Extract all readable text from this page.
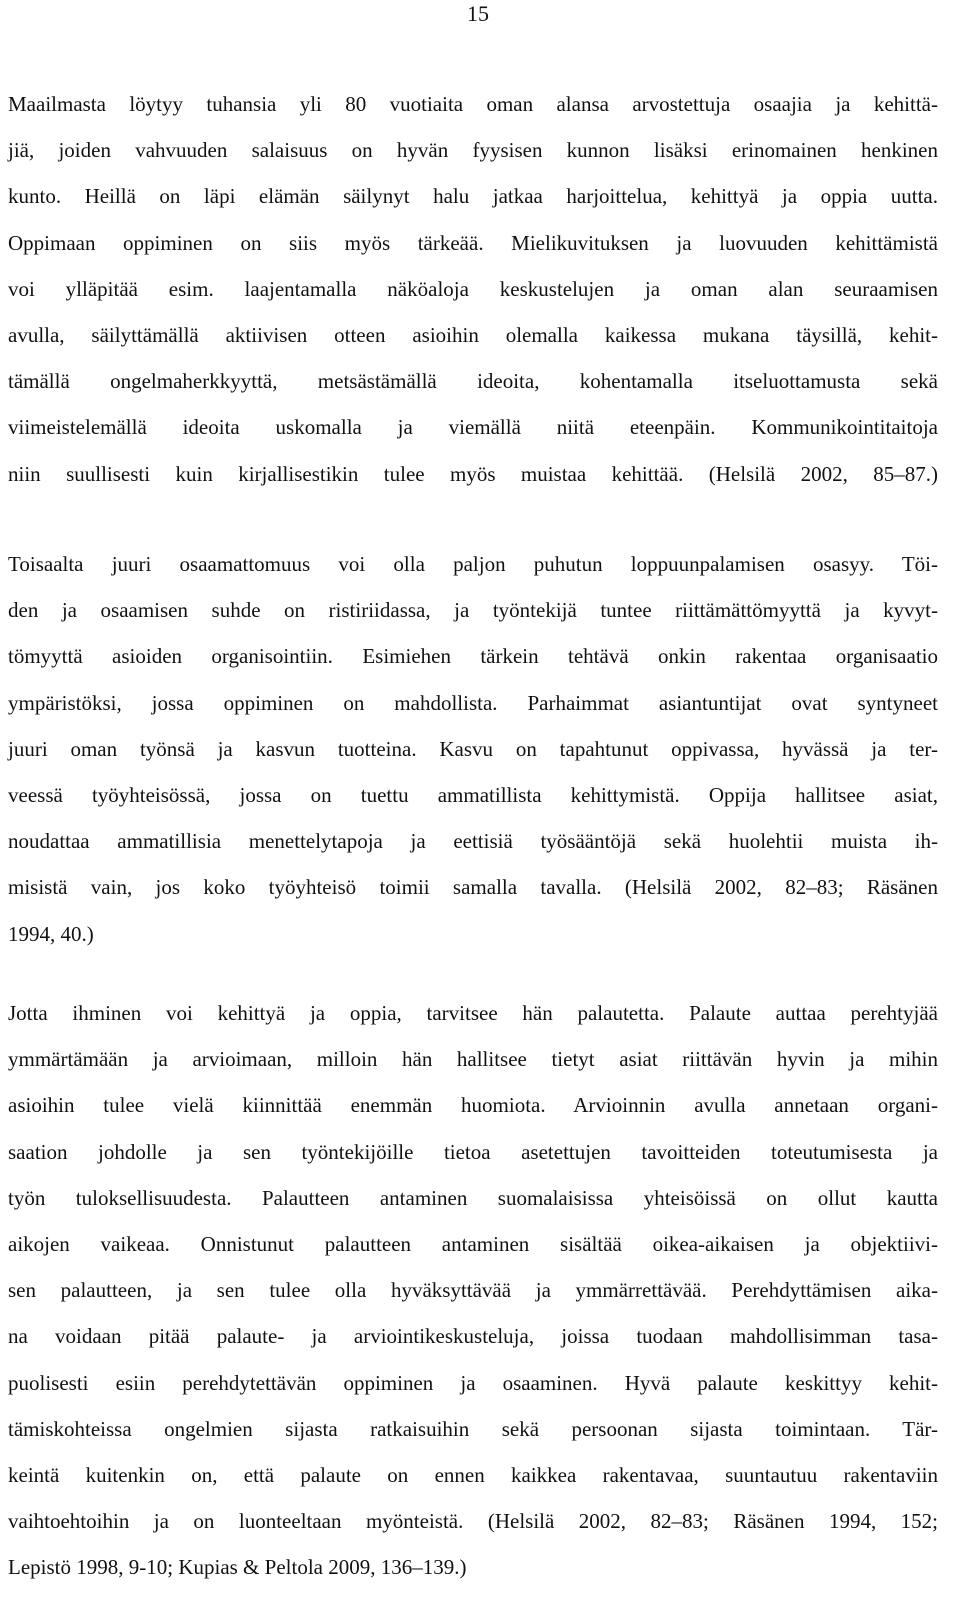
15
Maailmasta löytyy tuhansia yli 80 vuotiaita oman alansa arvostettuja osaajia ja kehittä-
jiä, joiden vahvuuden salaisuus on hyvän fyysisen kunnon lisäksi erinomainen henkinen
kunto. Heillä on läpi elämän säilynyt halu jatkaa harjoittelua, kehittyä ja oppia uutta.
Oppimaan oppiminen on siis myös tärkeää. Mielikuvituksen ja luovuuden kehittämistä
voi ylläpitää esim. laajentamalla näköaloja keskustelujen ja oman alan seuraamisen
avulla, säilyttämällä aktiivisen otteen asioihin olemalla kaikessa mukana täysillä, kehit-
tämällä ongelmaherkkyyttä, metsästämällä ideoita, kohentamalla itseluottamusta sekä
viimeistelemällä ideoita uskomalla ja viemällä niitä eteenpäin. Kommunikointitaitoja
niin suullisesti kuin kirjallisestikin tulee myös muistaa kehittää. (Helsilä 2002, 85–87.)
Toisaalta juuri osaamattomuus voi olla paljon puhutun loppuunpalamisen osasyy. Töi-
den ja osaamisen suhde on ristiriidassa, ja työntekijä tuntee riittämättömyyttä ja kyvyt-
tömyyttä asioiden organisointiin. Esimiehen tärkein tehtävä onkin rakentaa organisaatio
ympäristöksi, jossa oppiminen on mahdollista. Parhaimmat asiantuntijat ovat syntyneet
juuri oman työnsä ja kasvun tuotteina. Kasvu on tapahtunut oppivassa, hyvässä ja ter-
veessä työyhteisössä, jossa on tuettu ammatillista kehittymistä. Oppija hallitsee asiat,
noudattaa ammatillisia menettelytapoja ja eettisiä työsääntöjä sekä huolehtii muista ih-
misistä vain, jos koko työyhteisö toimii samalla tavalla. (Helsilä 2002, 82–83; Räsänen
1994, 40.)
Jotta ihminen voi kehittyä ja oppia, tarvitsee hän palautetta. Palaute auttaa perehtyjää
ymmärtämään ja arvioimaan, milloin hän hallitsee tietyt asiat riittävän hyvin ja mihin
asioihin tulee vielä kiinnittää enemmän huomiota. Arvioinnin avulla annetaan organi-
saation johdolle ja sen työntekijöille tietoa asetettujen tavoitteiden toteutumisesta ja
työn tuloksellisuudesta. Palautteen antaminen suomalaisissa yhteisöissä on ollut kautta
aikojen vaikeaa. Onnistunut palautteen antaminen sisältää oikea-aikaisen ja objektiivi-
sen palautteen, ja sen tulee olla hyväksyttävää ja ymmärrettävää. Perehdyttämisen aika-
na voidaan pitää palaute- ja arviointikeskusteluja, joissa tuodaan mahdollisimman tasa-
puolisesti esiin perehdytettävän oppiminen ja osaaminen. Hyvä palaute keskittyy kehit-
tämiskohteissa ongelmien sijasta ratkaisuihin sekä persoonan sijasta toimintaan. Tär-
keintä kuitenkin on, että palaute on ennen kaikkea rakentavaa, suuntautuu rakentaviin
vaihtoehtoihin ja on luonteeltaan myönteistä. (Helsilä 2002, 82–83; Räsänen 1994, 152;
Lepistö 1998, 9-10; Kupias & Peltola 2009, 136–139.)
